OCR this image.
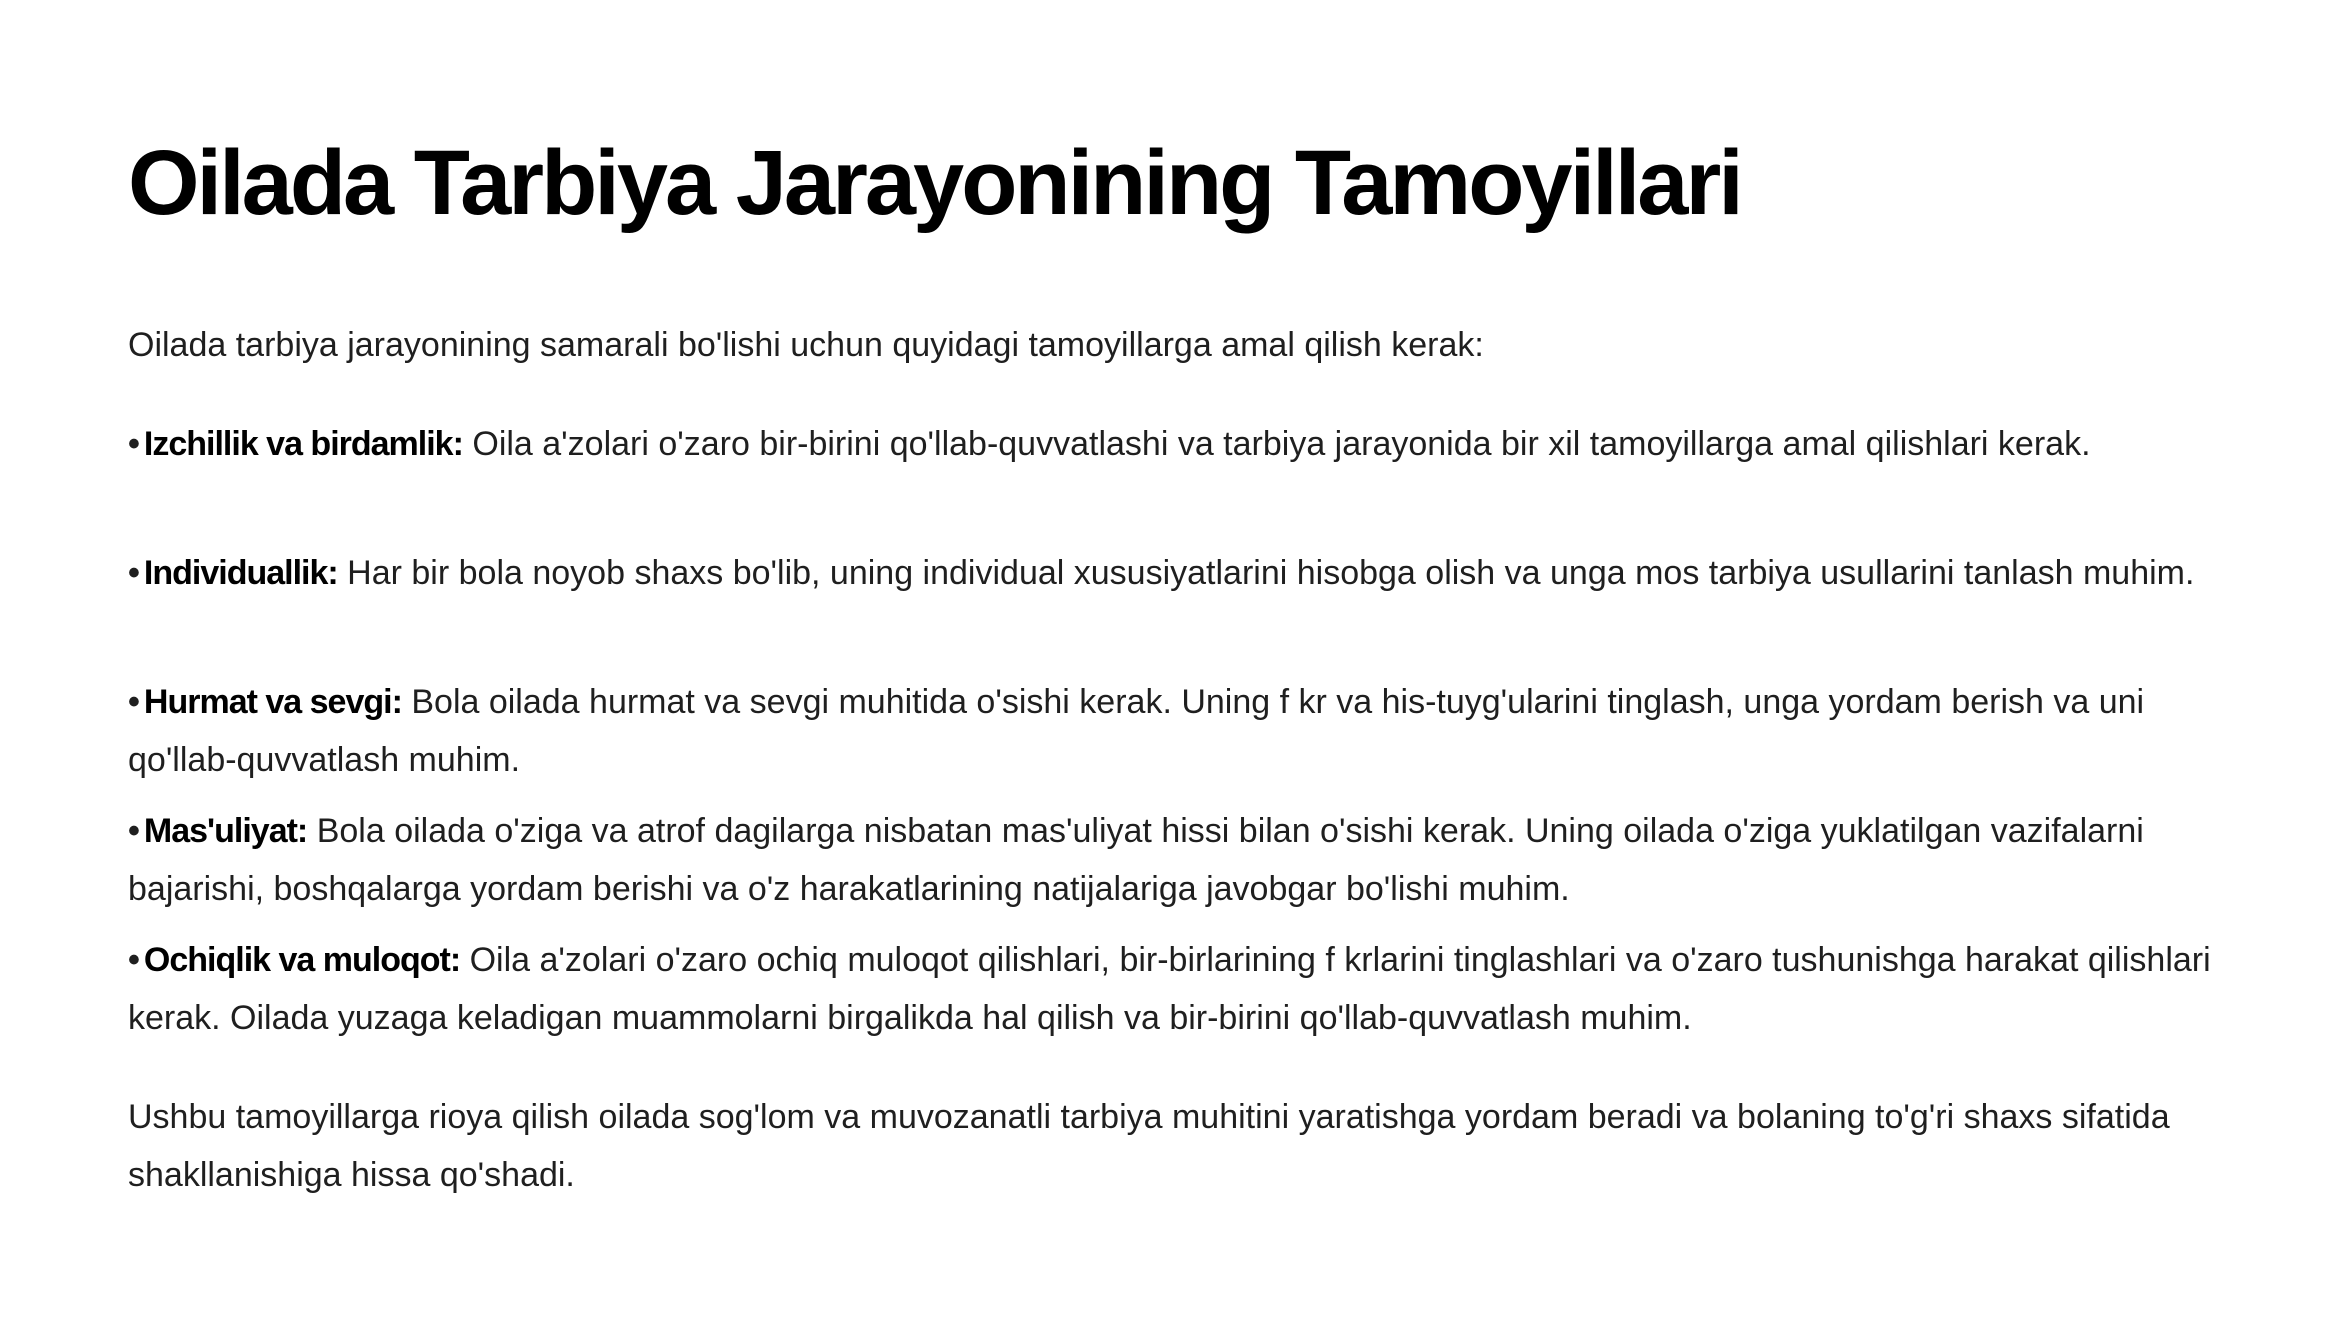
Oilada Tarbiya Jarayonining Tamoyillari

Oilada tarbiya jarayonining samarali bo'lishi uchun quyidagi tamoyillarga amal qilish kerak:

• Izchillik va birdamlik: Oila a'zolari o'zaro bir-birini qo'llab-quvvatlashi va tarbiya jarayonida bir xil tamoyillarga amal qilishlari kerak.

• Individuallik: Har bir bola noyob shaxs bo'lib, uning individual xususiyatlarini hisobga olish va unga mos tarbiya usullarini tanlash muhim.

• Hurmat va sevgi: Bola oilada hurmat va sevgi muhitida o'sishi kerak. Uning f kr va his-tuyg'ularini tinglash, unga yordam berish va uni qo'llab-quvvatlash muhim.

• Mas'uliyat: Bola oilada o'ziga va atrof dagilarga nisbatan mas'uliyat hissi bilan o'sishi kerak. Uning oilada o'ziga yuklatilgan vazifalarni bajarishi, boshqalarga yordam berishi va o'z harakatlarining natijalariga javobgar bo'lishi muhim.

• Ochiqlik va muloqot: Oila a'zolari o'zaro ochiq muloqot qilishlari, bir-birlarining f krlarini tinglashlari va o'zaro tushunishga harakat qilishlari kerak. Oilada yuzaga keladigan muammolarni birgalikda hal qilish va bir-birini qo'llab-quvvatlash muhim.

Ushbu tamoyillarga rioya qilish oilada sog'lom va muvozanatli tarbiya muhitini yaratishga yordam beradi va bolaning to'g'ri shaxs sifatida shakllanishiga hissa qo'shadi.
